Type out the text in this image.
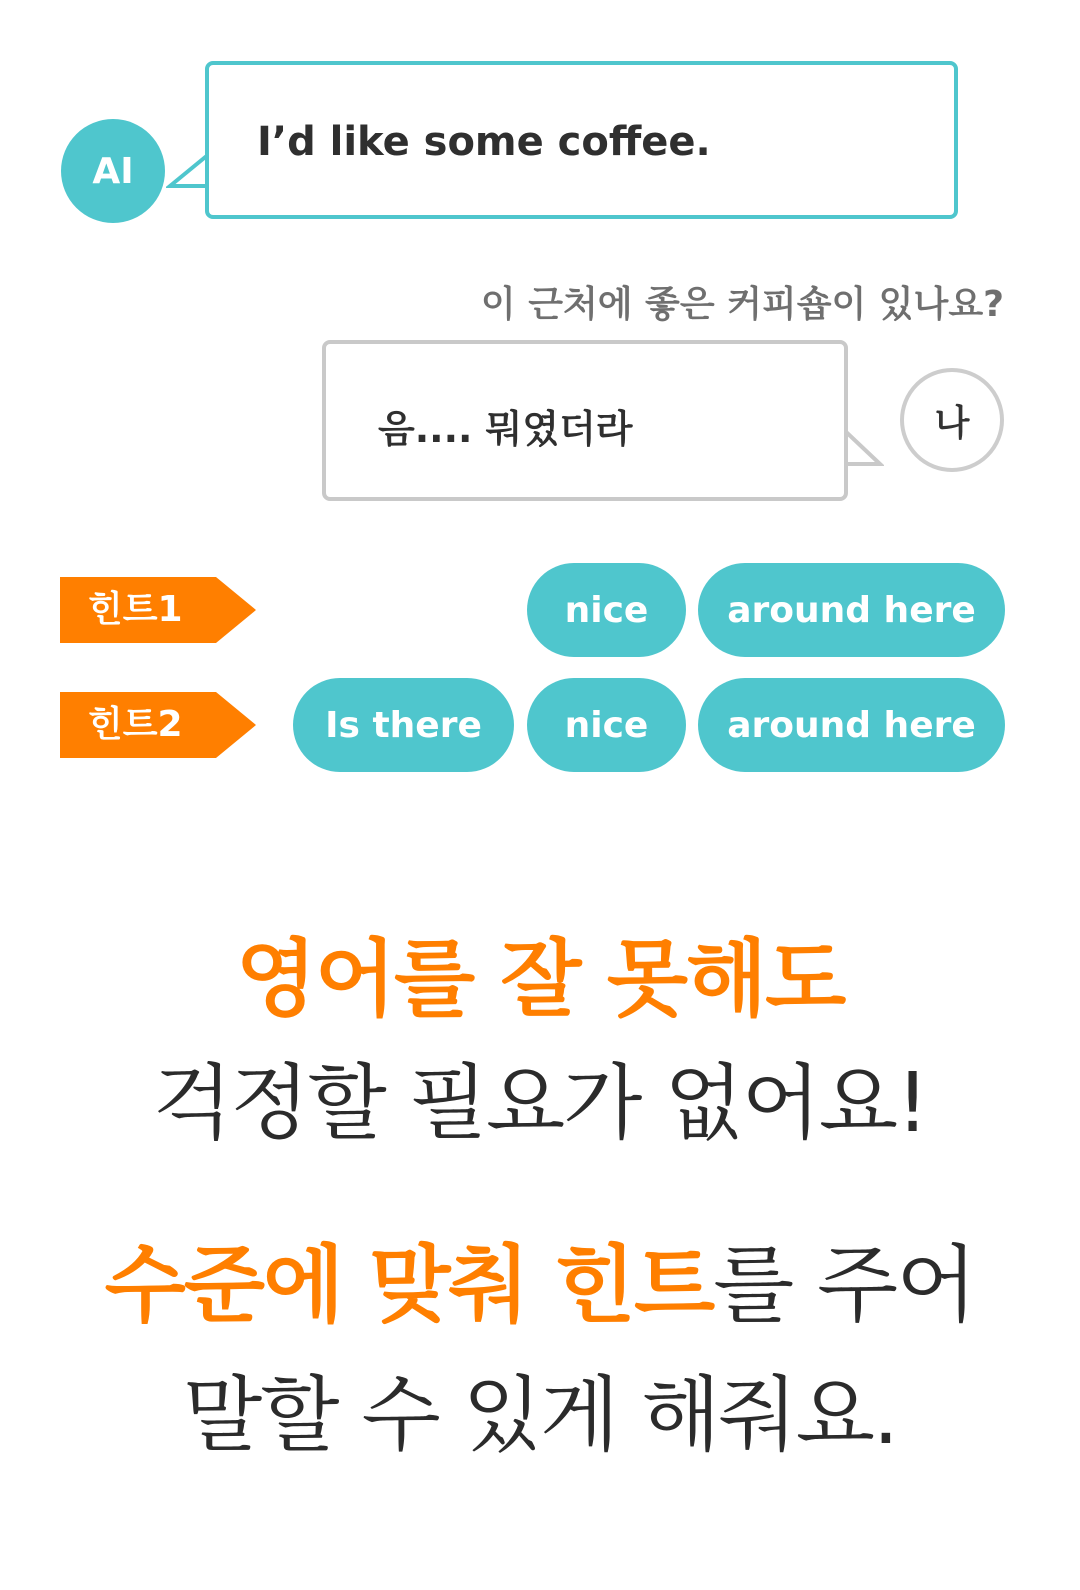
AI
I’d like some coffee.
이 근처에 좋은 커피숍이 있나요?
음.... 뭐였더라	나
힌트1	nice	around here
힌트2	Is there	nice	around here
영어를 잘 못해도
걱정할 필요가 없어요!
수준에 맞춰 힌트를 주어
말할 수 있게 해줘요.
